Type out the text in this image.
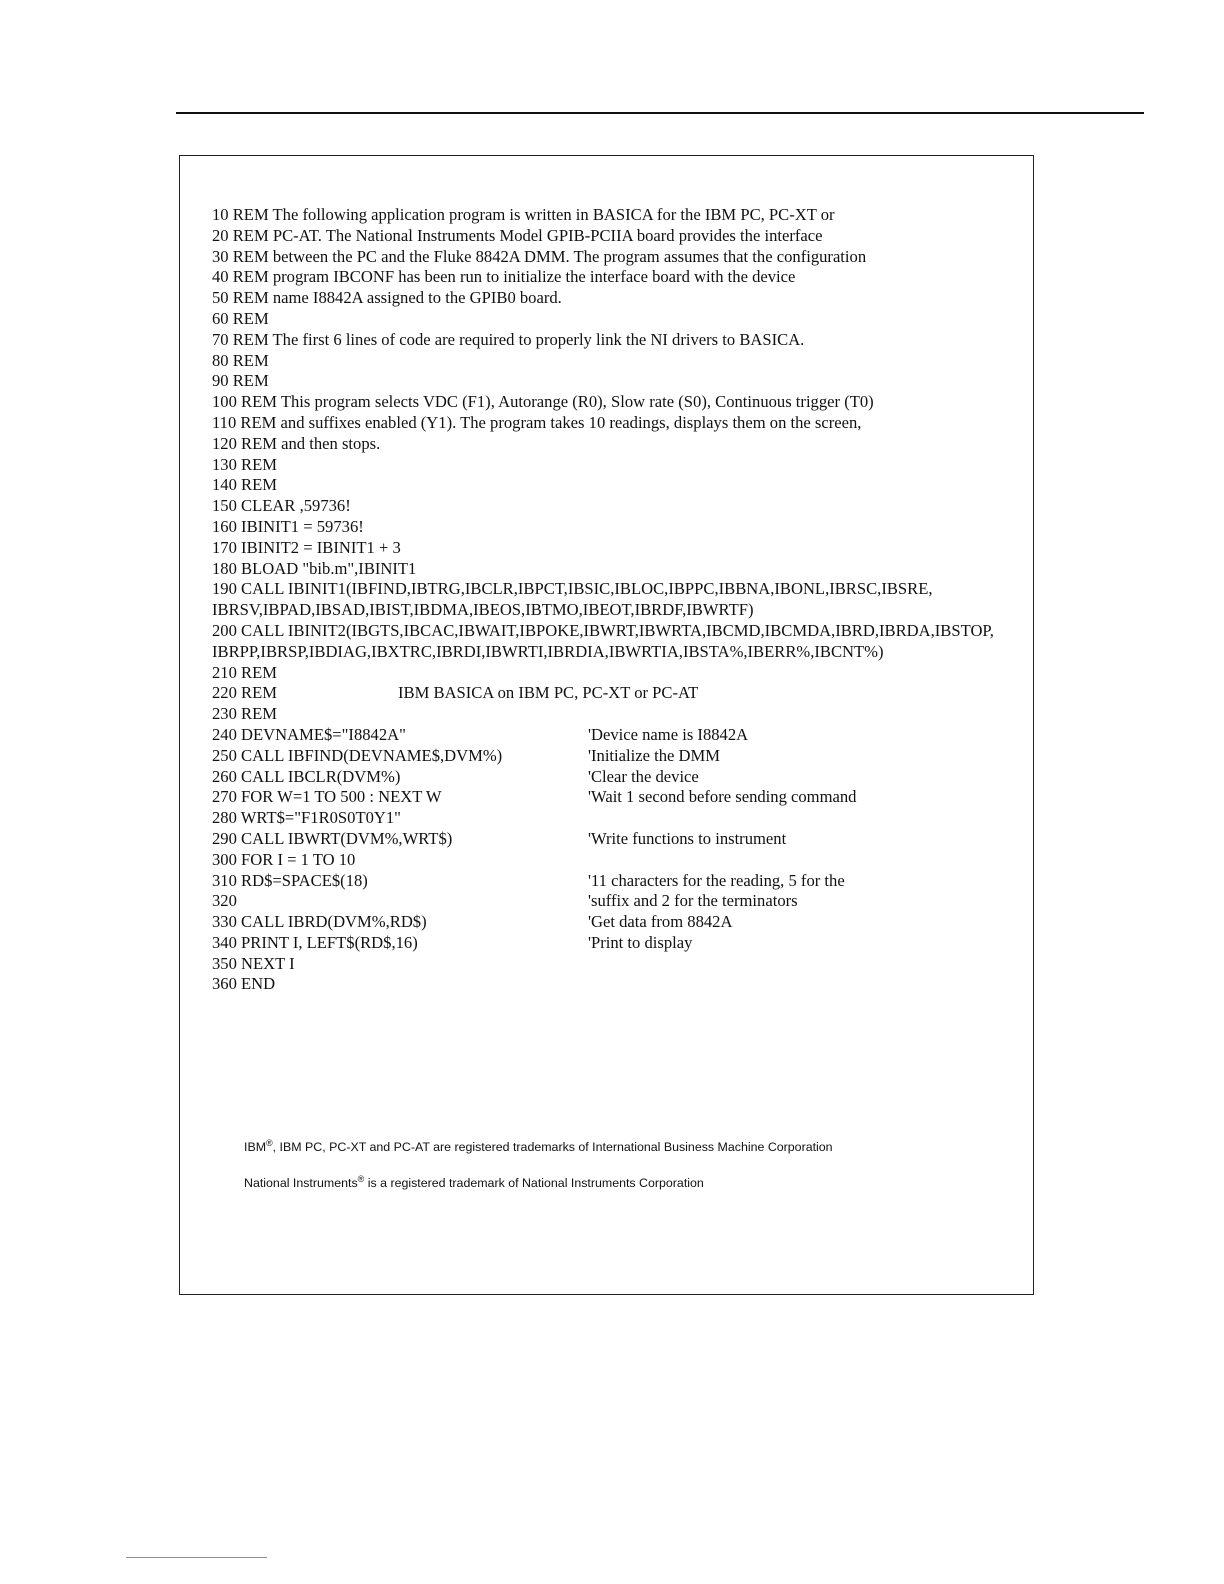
10 REM The following application program is written in BASICA for the IBM PC, PC-XT or
20 REM PC-AT. The National Instruments Model GPIB-PCIIA board provides the interface
30 REM between the PC and the Fluke 8842A DMM. The program assumes that the configuration
40 REM program IBCONF has been run to initialize the interface board with the device
50 REM name I8842A assigned to the GPIB0 board.
60 REM
70 REM The first 6 lines of code are required to properly link the NI drivers to BASICA.
80 REM
90 REM
100 REM This program selects VDC (F1), Autorange (R0), Slow rate (S0), Continuous trigger (T0)
110 REM and suffixes enabled (Y1). The program takes 10 readings, displays them on the screen,
120 REM and then stops.
130 REM
140 REM
150 CLEAR ,59736!
160 IBINIT1 = 59736!
170 IBINIT2 = IBINIT1 + 3
180 BLOAD "bib.m",IBINIT1
190 CALL IBINIT1(IBFIND,IBTRG,IBCLR,IBPCT,IBSIC,IBLOC,IBPPC,IBBNA,IBONL,IBRSC,IBSRE,
IBRSV,IBPAD,IBSAD,IBIST,IBDMA,IBEOS,IBTMO,IBEOT,IBRDF,IBWRTF)
200 CALL IBINIT2(IBGTS,IBCAC,IBWAIT,IBPOKE,IBWRT,IBWRTA,IBCMD,IBCMDA,IBRD,IBRDA,IBSTOP,
IBRPP,IBRSP,IBDIAG,IBXTRC,IBRDI,IBWRTI,IBRDIA,IBWRTIA,IBSTA%,IBERR%,IBCNT%)
210 REM
220 REM	IBM BASICA on IBM PC, PC-XT or PC-AT
230 REM
240 DEVNAME$="I8842A"	'Device name is I8842A
250 CALL IBFIND(DEVNAME$,DVM%)	'Initialize the DMM
260 CALL IBCLR(DVM%)	'Clear the device
270 FOR W=1 TO 500 : NEXT W	'Wait 1 second before sending command
280 WRT$="F1R0S0T0Y1"
290 CALL IBWRT(DVM%,WRT$)	'Write functions to instrument
300 FOR I = 1 TO 10
310 RD$=SPACE$(18)	'11 characters for the reading, 5 for the
320	'suffix and 2 for the terminators
330 CALL IBRD(DVM%,RD$)	'Get data from 8842A
340 PRINT I, LEFT$(RD$,16)	'Print to display
350 NEXT I
360 END
IBM®, IBM PC, PC-XT and PC-AT are registered trademarks of International Business Machine Corporation
National Instruments® is a registered trademark of National Instruments Corporation
